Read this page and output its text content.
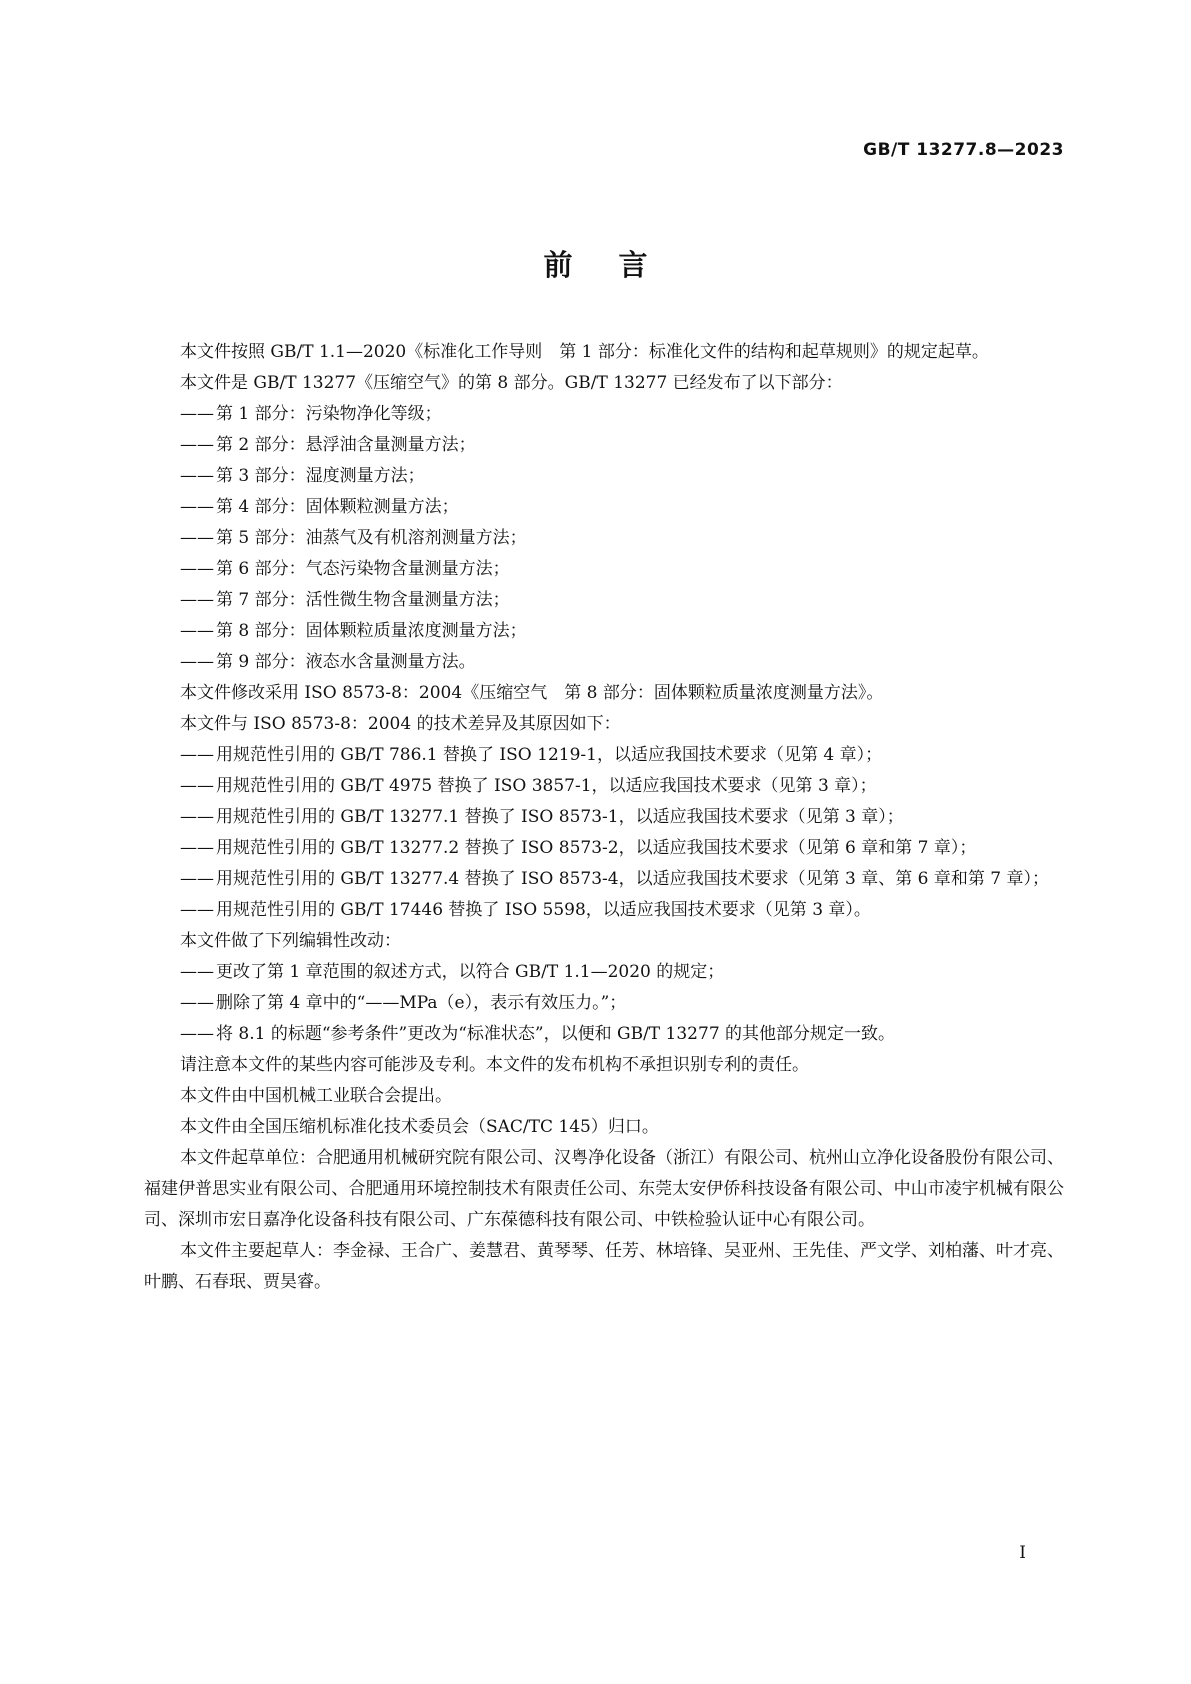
GB/T 13277.8—2023
前言

本文件按照 GB/T 1.1—2020《标准化工作导则　第 1 部分：标准化文件的结构和起草规则》的规定起草。

本文件是 GB/T 13277《压缩空气》的第 8 部分。GB/T 13277 已经发布了以下部分：

—— 第 1 部分：污染物净化等级；

—— 第 2 部分：悬浮油含量测量方法；

—— 第 3 部分：湿度测量方法；

—— 第 4 部分：固体颗粒测量方法；

—— 第 5 部分：油蒸气及有机溶剂测量方法；

—— 第 6 部分：气态污染物含量测量方法；

—— 第 7 部分：活性微生物含量测量方法；

—— 第 8 部分：固体颗粒质量浓度测量方法；

—— 第 9 部分：液态水含量测量方法。

本文件修改采用 ISO 8573-8：2004《压缩空气　第 8 部分：固体颗粒质量浓度测量方法》。

本文件与 ISO 8573-8：2004 的技术差异及其原因如下：

—— 用规范性引用的 GB/T 786.1 替换了 ISO 1219-1，以适应我国技术要求（见第 4 章）；

—— 用规范性引用的 GB/T 4975 替换了 ISO 3857-1，以适应我国技术要求（见第 3 章）；

—— 用规范性引用的 GB/T 13277.1 替换了 ISO 8573-1，以适应我国技术要求（见第 3 章）；

—— 用规范性引用的 GB/T 13277.2 替换了 ISO 8573-2，以适应我国技术要求（见第 6 章和第 7 章）；

—— 用规范性引用的 GB/T 13277.4 替换了 ISO 8573-4，以适应我国技术要求（见第 3 章、第 6 章和第 7 章）；

—— 用规范性引用的 GB/T 17446 替换了 ISO 5598，以适应我国技术要求（见第 3 章）。

本文件做了下列编辑性改动：

—— 更改了第 1 章范围的叙述方式，以符合 GB/T 1.1—2020 的规定；

—— 删除了第 4 章中的“——MPa（e），表示有效压力。”；

—— 将 8.1 的标题“参考条件”更改为“标准状态”，以便和 GB/T 13277 的其他部分规定一致。

请注意本文件的某些内容可能涉及专利。本文件的发布机构不承担识别专利的责任。

本文件由中国机械工业联合会提出。

本文件由全国压缩机标准化技术委员会（SAC/TC 145）归口。

本文件起草单位：合肥通用机械研究院有限公司、汉粤净化设备（浙江）有限公司、杭州山立净化设备股份有限公司、福建伊普思实业有限公司、合肥通用环境控制技术有限责任公司、东莞太安伊侨科技设备有限公司、中山市凌宇机械有限公司、深圳市宏日嘉净化设备科技有限公司、广东葆德科技有限公司、中铁检验认证中心有限公司。

本文件主要起草人：李金禄、王合广、姜慧君、黄琴琴、任芳、林培锋、吴亚州、王先佳、严文学、刘柏藩、叶才亮、叶鹏、石春珉、贾昊睿。

I
